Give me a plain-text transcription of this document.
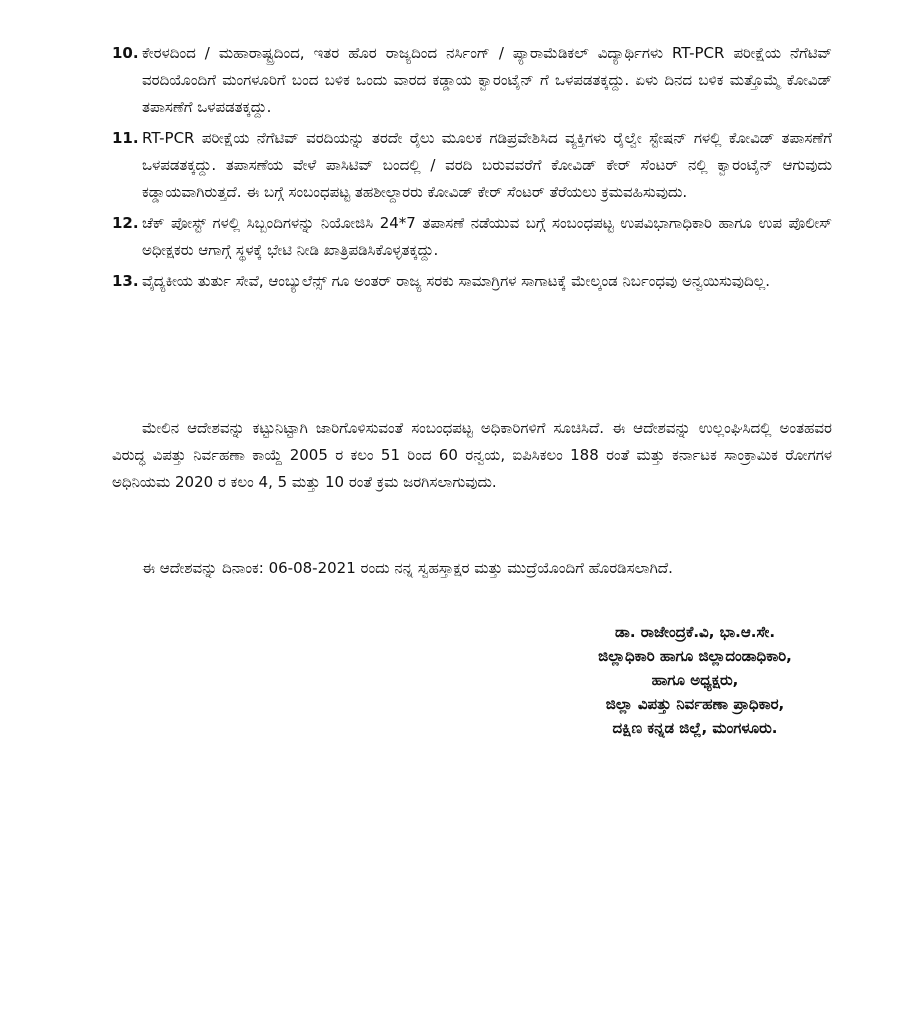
10. ಕೇರಳದಿಂದ / ಮಹಾರಾಷ್ಟ್ರದಿಂದ, ಇತರ ಹೊರ ರಾಜ್ಯದಿಂದ ನರ್ಸಿಂಗ್ / ಪ್ಯಾರಾಮೆಡಿಕಲ್ ವಿದ್ಯಾರ್ಥಿಗಳು RT-PCR ಪರೀಕ್ಷೆಯ ನೆಗೆಟಿವ್ ವರದಿಯೊಂದಿಗೆ ಮಂಗಳೂರಿಗೆ ಬಂದ ಬಳಿಕ ಒಂದು ವಾರದ ಕಡ್ಡಾಯ ಕ್ವಾರಂಟೈನ್ ಗೆ ಒಳಪಡತಕ್ಕದ್ದು. ಏಳು ದಿನದ ಬಳಿಕ ಮತ್ತೊಮ್ಮೆ ಕೋವಿಡ್ ತಪಾಸಣೆಗೆ ಒಳಪಡತಕ್ಕದ್ದು.
11. RT-PCR ಪರೀಕ್ಷೆಯ ನೆಗೆಟಿವ್ ವರದಿಯನ್ನು ತರದೇ ರೈಲು ಮೂಲಕ ಗಡಿಪ್ರವೇಶಿಸಿದ ವ್ಯಕ್ತಿಗಳು ರೈಲ್ವೇ ಸ್ಟೇಷನ್ ಗಳಲ್ಲಿ ಕೋವಿಡ್ ತಪಾಸಣೆಗೆ ಒಳಪಡತಕ್ಕದ್ದು. ತಪಾಸಣೆಯ ವೇಳೆ ಪಾಸಿಟಿವ್ ಬಂದಲ್ಲಿ / ವರದಿ ಬರುವವರೆಗೆ ಕೋವಿಡ್ ಕೇರ್ ಸೆಂಟರ್ ನಲ್ಲಿ ಕ್ವಾರಂಟೈನ್ ಆಗುವುದು ಕಡ್ಡಾಯವಾಗಿರುತ್ತದೆ. ಈ ಬಗ್ಗೆ ಸಂಬಂಧಪಟ್ಟ ತಹಶೀಲ್ದಾರರು ಕೋವಿಡ್ ಕೇರ್ ಸೆಂಟರ್ ತೆರೆಯಲು ಕ್ರಮವಹಿಸುವುದು.
12. ಚೆಕ್ ಪೋಸ್ಟ್ ಗಳಲ್ಲಿ ಸಿಬ್ಬಂದಿಗಳನ್ನು ನಿಯೋಜಿಸಿ 24*7 ತಪಾಸಣೆ ನಡೆಯುವ ಬಗ್ಗೆ ಸಂಬಂಧಪಟ್ಟ ಉಪವಿಭಾಗಾಧಿಕಾರಿ ಹಾಗೂ ಉಪ ಪೊಲೀಸ್ ಅಧೀಕ್ಷಕರು ಆಗಾಗ್ಗೆ ಸ್ಥಳಕ್ಕೆ ಭೇಟಿ ನೀಡಿ ಖಾತ್ರಿಪಡಿಸಿಕೊಳ್ಳತಕ್ಕದ್ದು.
13. ವೈದ್ಯಕೀಯ ತುರ್ತು ಸೇವೆ, ಆಂಬ್ಯುಲೆನ್ಸ್ ಗೂ ಅಂತರ್ ರಾಜ್ಯ ಸರಕು ಸಾಮಾಗ್ರಿಗಳ ಸಾಗಾಟಕ್ಕೆ ಮೇಲ್ಕಂಡ ನಿರ್ಬಂಧವು ಅನ್ವಯಿಸುವುದಿಲ್ಲ.

ಮೇಲಿನ ಆದೇಶವನ್ನು ಕಟ್ಟುನಿಟ್ಟಾಗಿ ಜಾರಿಗೊಳಿಸುವಂತೆ ಸಂಬಂಧಪಟ್ಟ ಅಧಿಕಾರಿಗಳಿಗೆ ಸೂಚಿಸಿದೆ. ಈ ಆದೇಶವನ್ನು ಉಲ್ಲಂಘಿಸಿದಲ್ಲಿ ಅಂತಹವರ ವಿರುದ್ಧ ವಿಪತ್ತು ನಿರ್ವಹಣಾ ಕಾಯ್ದೆ 2005 ರ ಕಲಂ 51 ರಿಂದ 60 ರನ್ವಯ, ಐಪಿಸಿಕಲಂ 188 ರಂತೆ ಮತ್ತು ಕರ್ನಾಟಕ ಸಾಂಕ್ರಾಮಿಕ ರೋಗಗಳ ಅಧಿನಿಯಮ 2020 ರ ಕಲಂ 4, 5 ಮತ್ತು 10 ರಂತೆ ಕ್ರಮ ಜರಗಿಸಲಾಗುವುದು.

ಈ ಆದೇಶವನ್ನು ದಿನಾಂಕ: 06-08-2021 ರಂದು ನನ್ನ ಸ್ವಹಸ್ತಾಕ್ಷರ ಮತ್ತು ಮುದ್ರೆಯೊಂದಿಗೆ ಹೊರಡಿಸಲಾಗಿದೆ.

ಡಾ. ರಾಜೇಂದ್ರಕೆ.ವಿ, ಭಾ.ಆ.ಸೇ.
ಜಿಲ್ಲಾಧಿಕಾರಿ ಹಾಗೂ ಜಿಲ್ಲಾದಂಡಾಧಿಕಾರಿ,
ಹಾಗೂ ಅಧ್ಯಕ್ಷರು,
ಜಿಲ್ಲಾ ವಿಪತ್ತು ನಿರ್ವಹಣಾ ಪ್ರಾಧಿಕಾರ,
ದಕ್ಷಿಣ ಕನ್ನಡ ಜಿಲ್ಲೆ, ಮಂಗಳೂರು.
